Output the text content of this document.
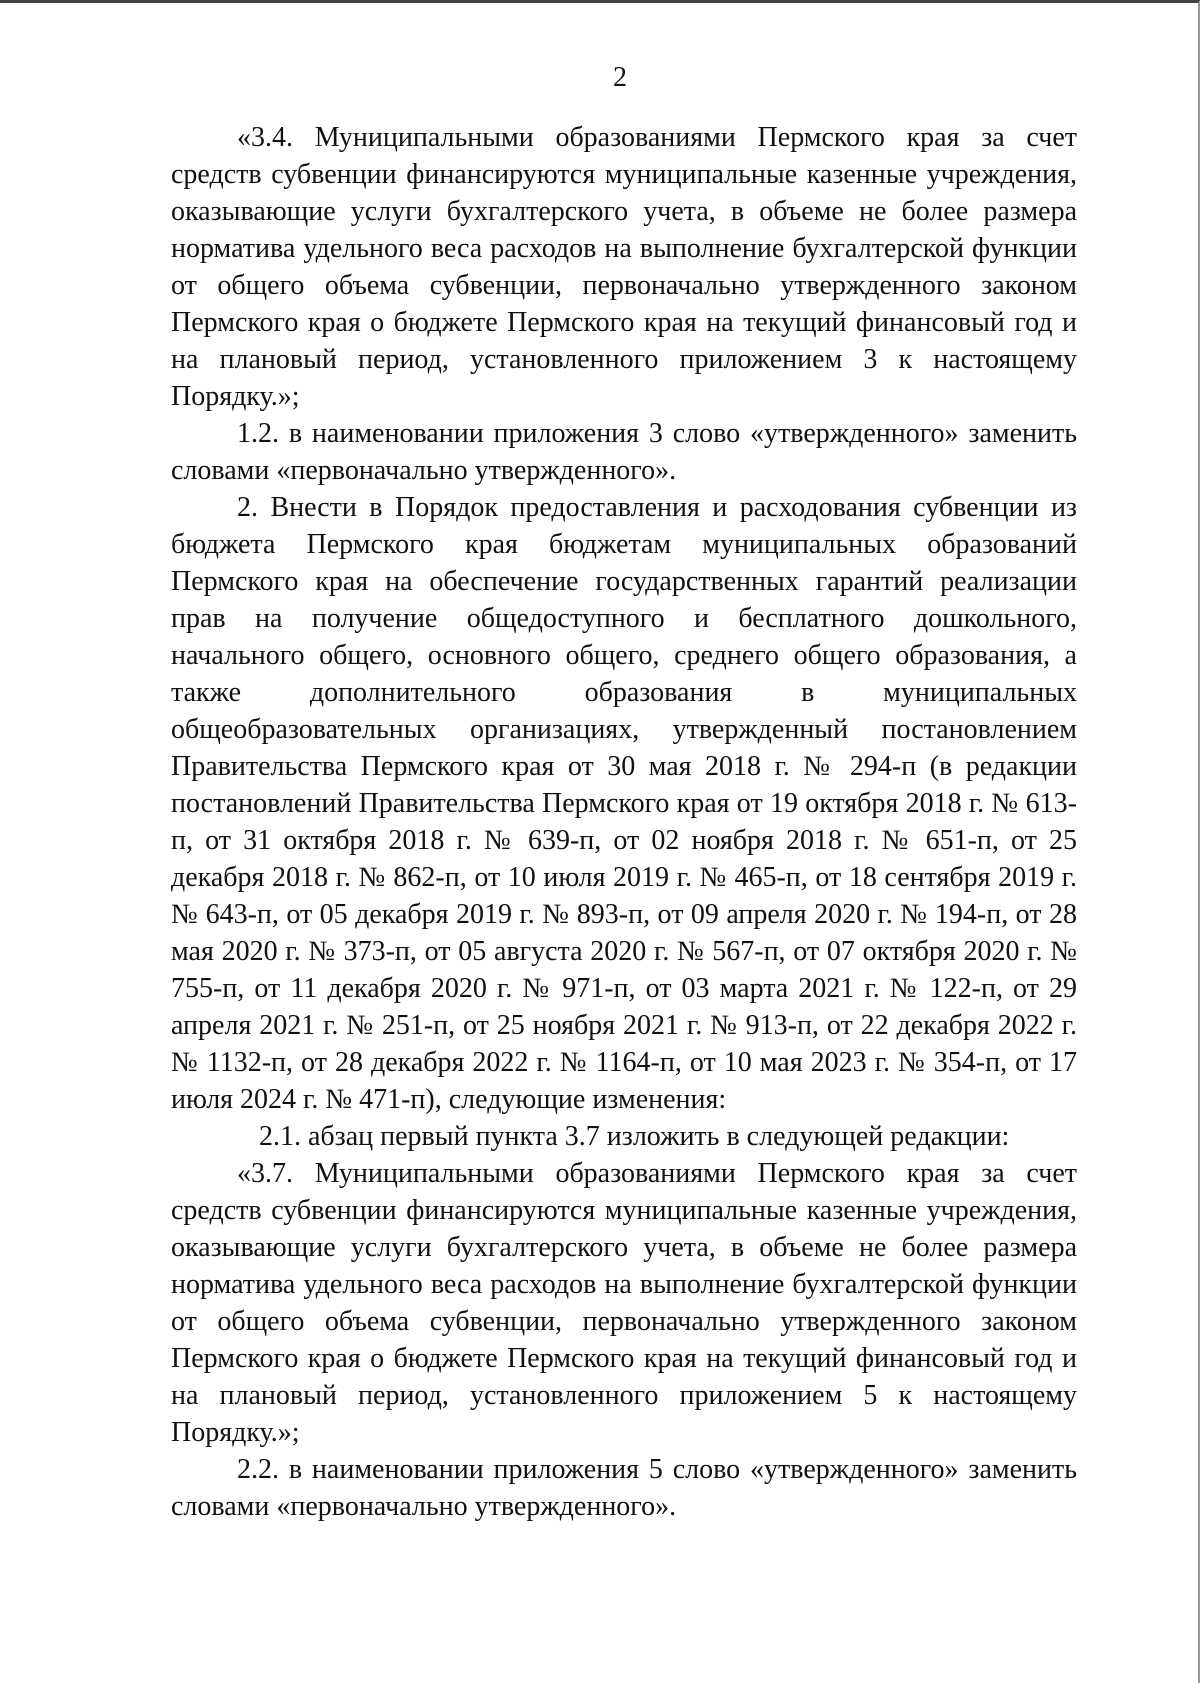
2

«3.4. Муниципальными образованиями Пермского края за счет средств субвенции финансируются муниципальные казенные учреждения, оказывающие услуги бухгалтерского учета, в объеме не более размера норматива удельного веса расходов на выполнение бухгалтерской функции от общего объема субвенции, первоначально утвержденного законом Пермского края о бюджете Пермского края на текущий финансовый год и на плановый период, установленного приложением 3 к настоящему Порядку.»;

1.2. в наименовании приложения 3 слово «утвержденного» заменить словами «первоначально утвержденного».

2. Внести в Порядок предоставления и расходования субвенции из бюджета Пермского края бюджетам муниципальных образований Пермского края на обеспечение государственных гарантий реализации прав на получение общедоступного и бесплатного дошкольного, начального общего, основного общего, среднего общего образования, а также дополнительного образования в муниципальных общеобразовательных организациях, утвержденный постановлением Правительства Пермского края от 30 мая 2018 г. № 294-п (в редакции постановлений Правительства Пермского края от 19 октября 2018 г. № 613-п, от 31 октября 2018 г. № 639-п, от 02 ноября 2018 г. № 651-п, от 25 декабря 2018 г. № 862-п, от 10 июля 2019 г. № 465-п, от 18 сентября 2019 г. № 643-п, от 05 декабря 2019 г. № 893-п, от 09 апреля 2020 г. № 194-п, от 28 мая 2020 г. № 373-п, от 05 августа 2020 г. № 567-п, от 07 октября 2020 г. № 755-п, от 11 декабря 2020 г. № 971-п, от 03 марта 2021 г. № 122-п, от 29 апреля 2021 г. № 251-п, от 25 ноября 2021 г. № 913-п, от 22 декабря 2022 г. № 1132-п, от 28 декабря 2022 г. № 1164-п, от 10 мая 2023 г. № 354-п, от 17 июля 2024 г. № 471-п), следующие изменения:

2.1. абзац первый пункта 3.7 изложить в следующей редакции:

«3.7. Муниципальными образованиями Пермского края за счет средств субвенции финансируются муниципальные казенные учреждения, оказывающие услуги бухгалтерского учета, в объеме не более размера норматива удельного веса расходов на выполнение бухгалтерской функции от общего объема субвенции, первоначально утвержденного законом Пермского края о бюджете Пермского края на текущий финансовый год и на плановый период, установленного приложением 5 к настоящему Порядку.»;

2.2. в наименовании приложения 5 слово «утвержденного» заменить словами «первоначально утвержденного».
